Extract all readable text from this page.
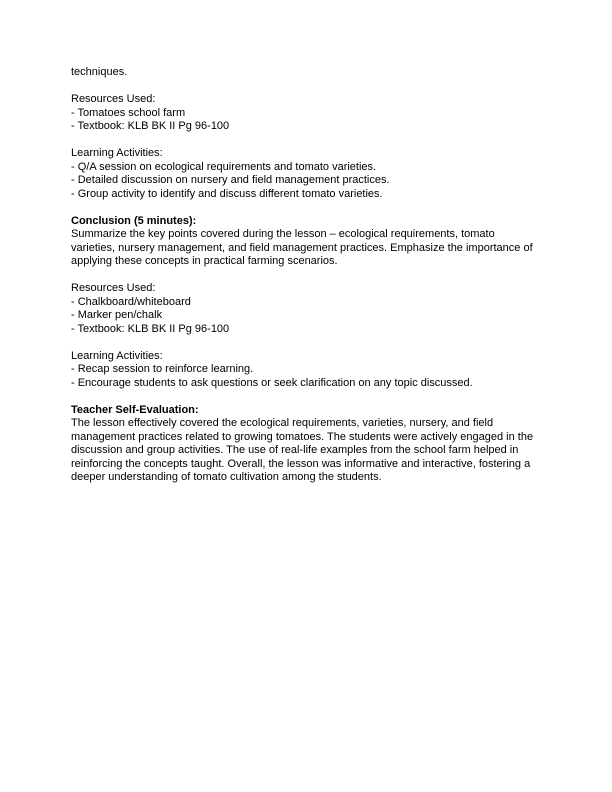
techniques.

Resources Used:

- Tomatoes school farm

- Textbook: KLB BK II Pg 96-100

Learning Activities:

- Q/A session on ecological requirements and tomato varieties.

- Detailed discussion on nursery and field management practices.

- Group activity to identify and discuss different tomato varieties.

Conclusion (5 minutes):

Summarize the key points covered during the lesson – ecological requirements, tomato varieties, nursery management, and field management practices. Emphasize the importance of applying these concepts in practical farming scenarios.

Resources Used:

- Chalkboard/whiteboard

- Marker pen/chalk

- Textbook: KLB BK II Pg 96-100

Learning Activities:

- Recap session to reinforce learning.

- Encourage students to ask questions or seek clarification on any topic discussed.

Teacher Self-Evaluation:

The lesson effectively covered the ecological requirements, varieties, nursery, and field management practices related to growing tomatoes. The students were actively engaged in the discussion and group activities. The use of real-life examples from the school farm helped in reinforcing the concepts taught. Overall, the lesson was informative and interactive, fostering a deeper understanding of tomato cultivation among the students.
